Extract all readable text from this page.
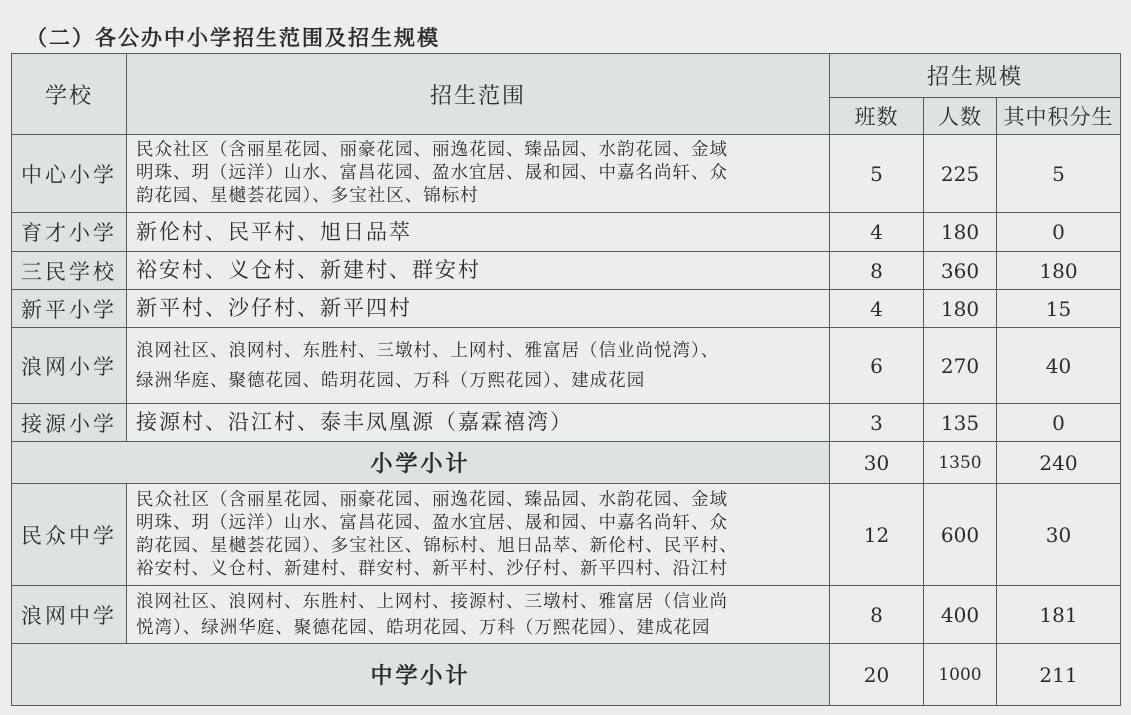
（二）各公办中小学招生范围及招生规模
学校	招生范围	招生规模		
		班数	人数	其中积分生
中心小学	民众社区（含丽星花园、丽豪花园、丽逸花园、臻品园、水韵花园、金域
明珠、玥（远洋）山水、富昌花园、盈水宜居、晟和园、中嘉名尚轩、众
韵花园、星樾荟花园）、多宝社区、锦标村	5	225	5
育才小学	新伦村、民平村、旭日品萃	4	180	0
三民学校	裕安村、义仓村、新建村、群安村	8	360	180
新平小学	新平村、沙仔村、新平四村	4	180	15
浪网小学	浪网社区、浪网村、东胜村、三墩村、上网村、雅富居（信业尚悦湾）、
绿洲华庭、聚德花园、皓玥花园、万科（万熙花园）、建成花园	6	270	40
接源小学	接源村、沿江村、泰丰凤凰源（嘉霖禧湾）	3	135	0
小学小计		30	1350	240
民众中学	民众社区（含丽星花园、丽豪花园、丽逸花园、臻品园、水韵花园、金域
明珠、玥（远洋）山水、富昌花园、盈水宜居、晟和园、中嘉名尚轩、众
韵花园、星樾荟花园）、多宝社区、锦标村、旭日品萃、新伦村、民平村、
裕安村、义仓村、新建村、群安村、新平村、沙仔村、新平四村、沿江村	12	600	30
浪网中学	浪网社区、浪网村、东胜村、上网村、接源村、三墩村、雅富居（信业尚
悦湾）、绿洲华庭、聚德花园、皓玥花园、万科（万熙花园）、建成花园	8	400	181
中学小计		20	1000	211
